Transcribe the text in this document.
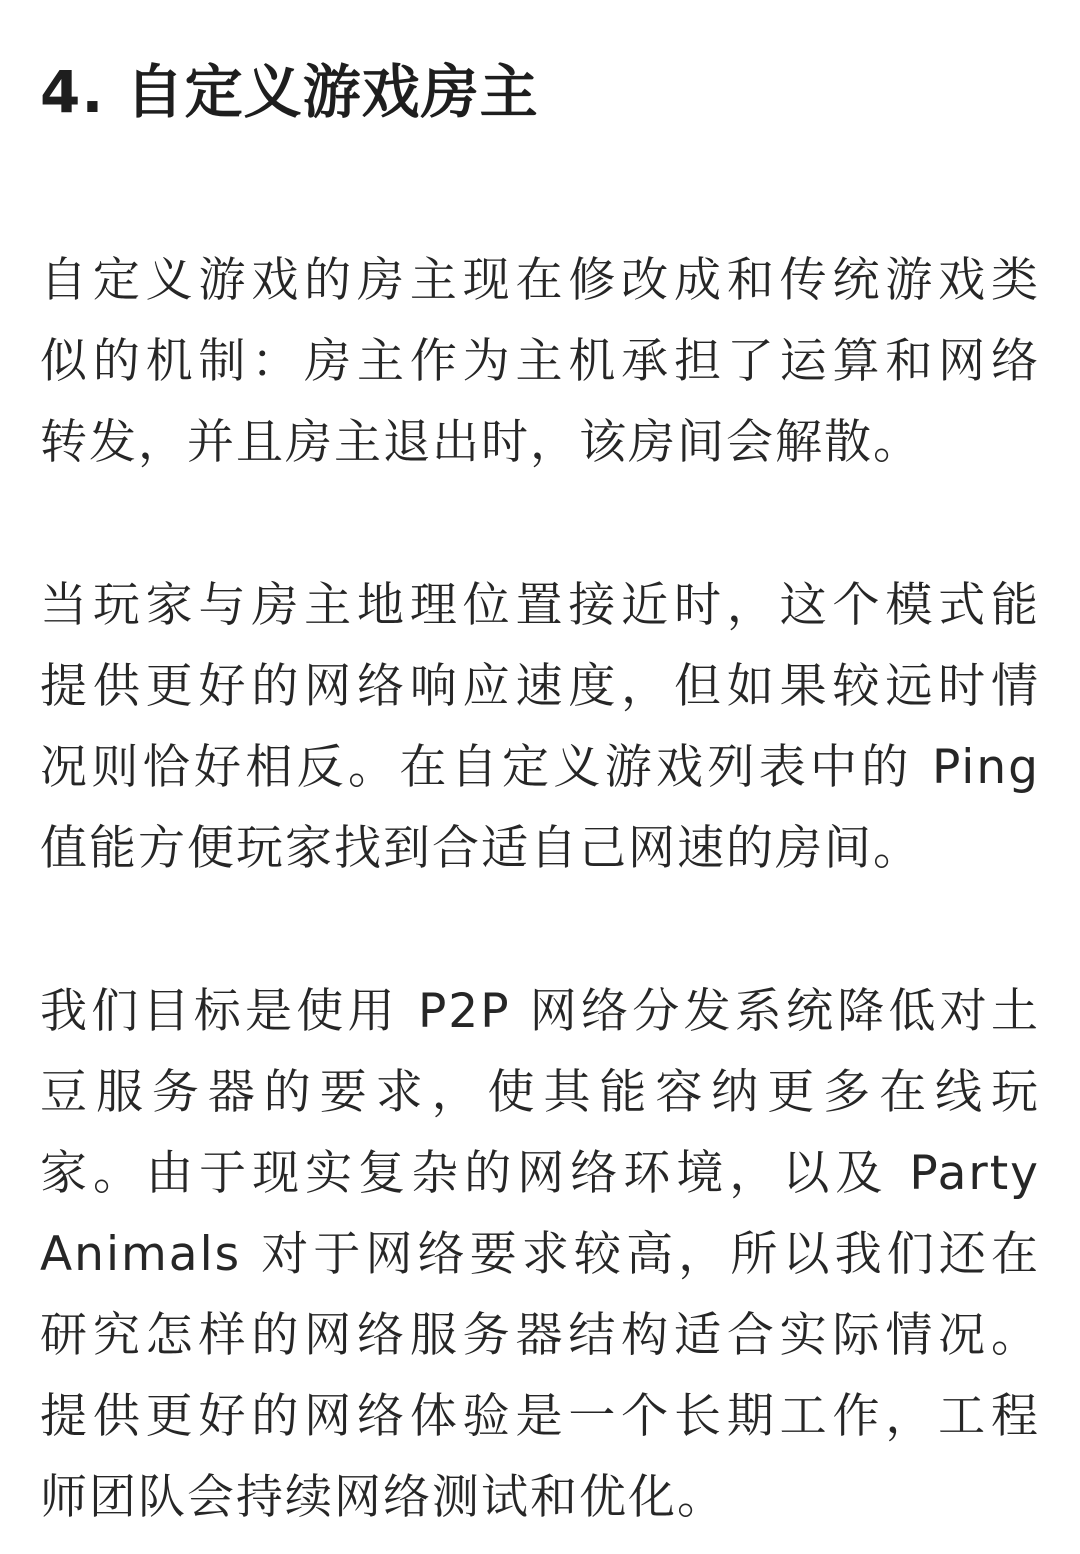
4. 自定义游戏房主

自定义游戏的房主现在修改成和传统游戏类
似的机制：房主作为主机承担了运算和网络
转发，并且房主退出时，该房间会解散。

当玩家与房主地理位置接近时，这个模式能
提供更好的网络响应速度，但如果较远时情
况则恰好相反。在自定义游戏列表中的 Ping
值能方便玩家找到合适自己网速的房间。

我们目标是使用 P2P 网络分发系统降低对土
豆服务器的要求，使其能容纳更多在线玩
家。由于现实复杂的网络环境，以及 Party
Animals 对于网络要求较高，所以我们还在
研究怎样的网络服务器结构适合实际情况。
提供更好的网络体验是一个长期工作，工程
师团队会持续网络测试和优化。
